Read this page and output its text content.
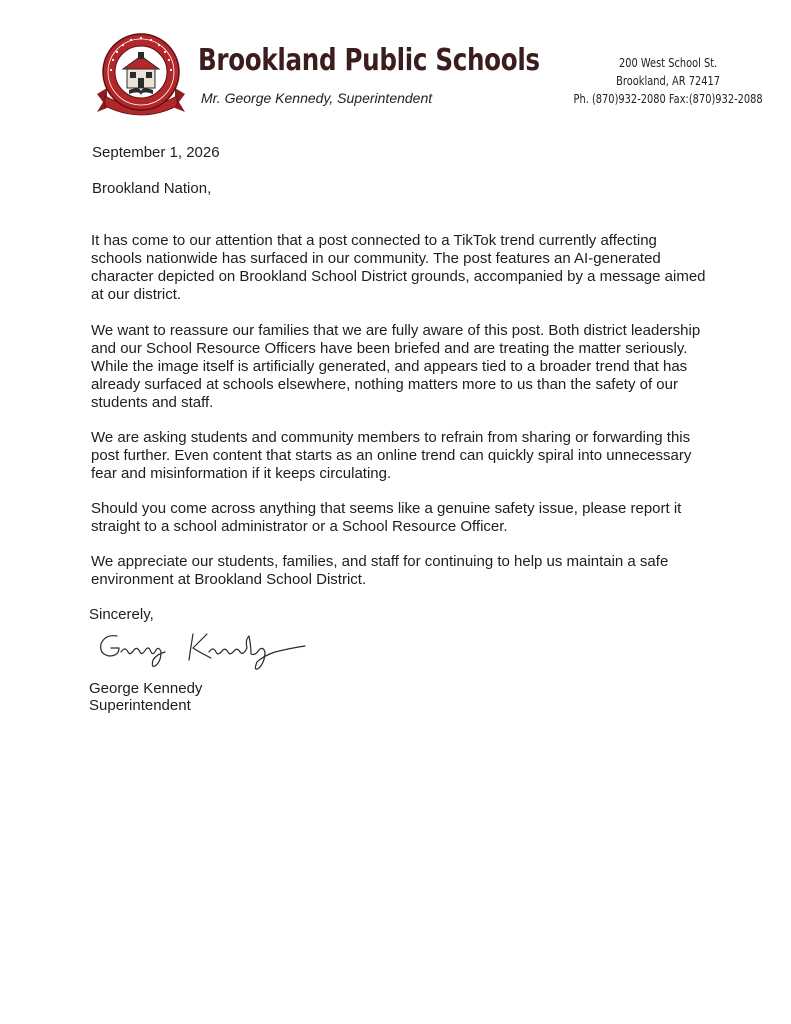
Brookland Public Schools
Mr. George Kennedy, Superintendent
200 West School St.
Brookland, AR 72417
Ph. (870)932-2080 Fax:(870)932-2088
September 1, 2026
Brookland Nation,

It has come to our attention that a post connected to a TikTok trend currently affecting schools nationwide has surfaced in our community. The post features an AI-generated character depicted on Brookland School District grounds, accompanied by a message aimed at our district.

We want to reassure our families that we are fully aware of this post. Both district leadership and our School Resource Officers have been briefed and are treating the matter seriously. While the image itself is artificially generated, and appears tied to a broader trend that has already surfaced at schools elsewhere, nothing matters more to us than the safety of our students and staff.

We are asking students and community members to refrain from sharing or forwarding this post further. Even content that starts as an online trend can quickly spiral into unnecessary fear and misinformation if it keeps circulating.

Should you come across anything that seems like a genuine safety issue, please report it straight to a school administrator or a School Resource Officer.

We appreciate our students, families, and staff for continuing to help us maintain a safe environment at Brookland School District.

Sincerely,
George Kennedy
Superintendent
